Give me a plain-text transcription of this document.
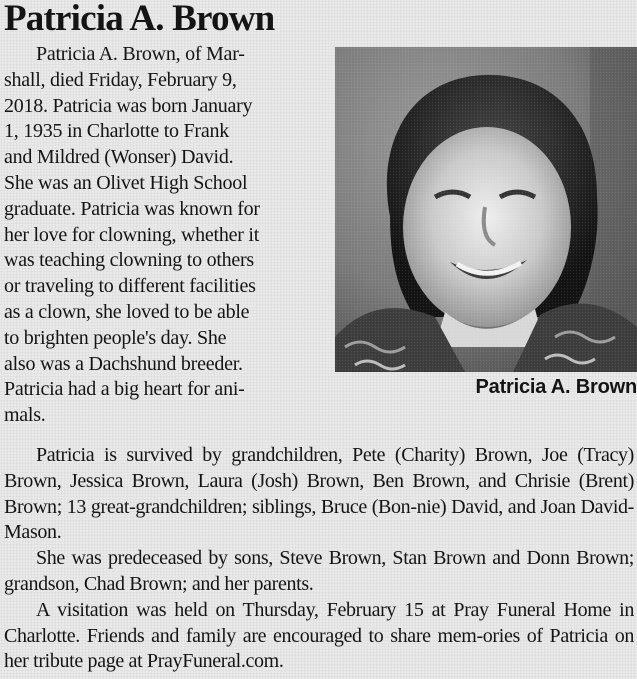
Patricia A. Brown
Patricia A. Brown, of Mar-
shall, died Friday, February 9,
2018. Patricia was born January
1, 1935 in Charlotte to Frank
and Mildred (Wonser) David.
She was an Olivet High School
graduate. Patricia was known for
her love for clowning, whether it
was teaching clowning to others
or traveling to different facilities
as a clown, she loved to be able
to brighten people's day. She
also was a Dachshund breeder.
Patricia had a big heart for ani-
mals.
Patricia A. Brown

Patricia is survived by grandchildren, Pete (Charity) Brown, Joe (Tracy) Brown, Jessica Brown, Laura (Josh) Brown, Ben Brown, and Chrisie (Brent) Brown; 13 great-grandchildren; siblings, Bruce (Bon-nie) David, and Joan David-Mason.

She was predeceased by sons, Steve Brown, Stan Brown and Donn Brown; grandson, Chad Brown; and her parents.

A visitation was held on Thursday, February 15 at Pray Funeral Home in Charlotte. Friends and family are encouraged to share mem-ories of Patricia on her tribute page at PrayFuneral.com.
